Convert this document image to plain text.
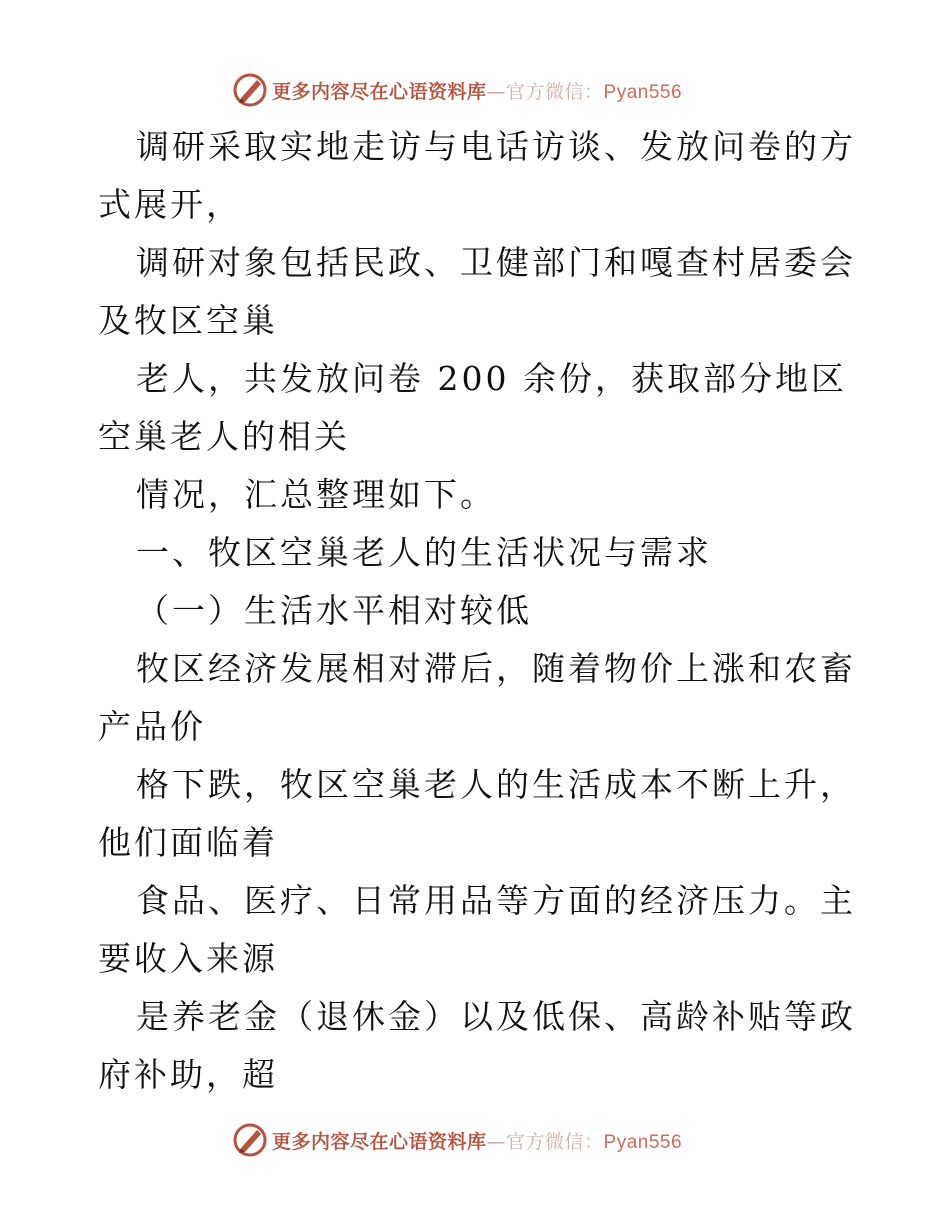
更多内容尽在心语资料库—官方微信：Pyan556

调研采取实地走访与电话访谈、发放问卷的方式展开，

调研对象包括民政、卫健部门和嘎查村居委会及牧区空巢

老人，共发放问卷 200 余份，获取部分地区空巢老人的相关

情况，汇总整理如下。

一、牧区空巢老人的生活状况与需求

（一）生活水平相对较低

牧区经济发展相对滞后，随着物价上涨和农畜产品价

格下跌，牧区空巢老人的生活成本不断上升，他们面临着

食品、医疗、日常用品等方面的经济压力。主要收入来源

是养老金（退休金）以及低保、高龄补贴等政府补助，超

更多内容尽在心语资料库—官方微信：Pyan556
